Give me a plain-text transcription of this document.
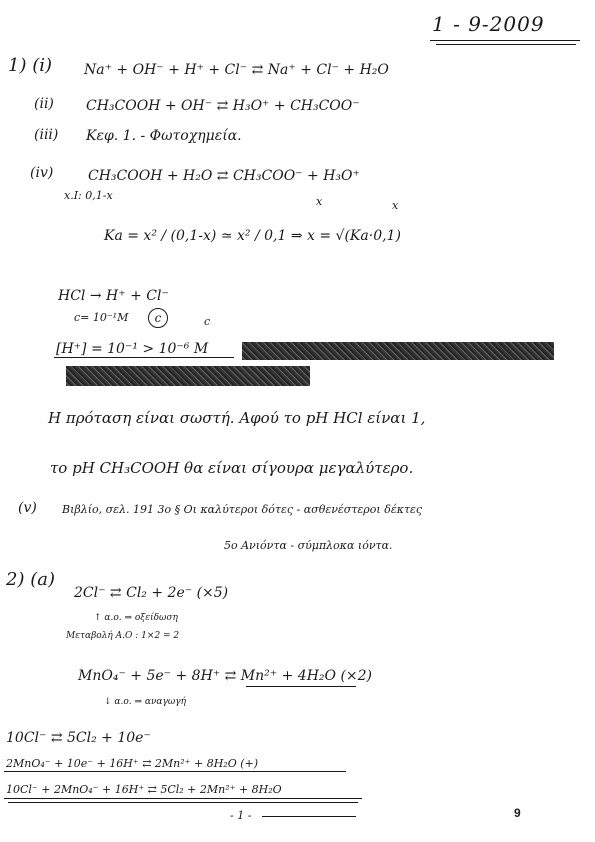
1 - 9-2009
1) (i) Na⁺ + OH⁻ + H⁺ + Cl⁻ ⇄ Na⁺ + Cl⁻ + H₂O
(ii) CH₃COOH + OH⁻ ⇄ H₃O⁺ + CH₃COO⁻
(iii) Κεφ. 1. - Φωτοχημεία.
(iv) CH₃COOH + H₂O ⇄ CH₃COO⁻ + H₃O⁺
x.I: 0,1-x	x	x
Ka = x² / (0,1-x) ≃ x² / 0,1 ⇒ x = √(Ka·0,1)
HCl → H⁺ + Cl⁻
c= 10⁻¹M	c	c
[H⁺] = 10⁻¹ > 10⁻⁶ M
Η πρόταση είναι σωστή. Αφού το pH HCl είναι 1,
το pH CH₃COOH θα είναι σίγουρα μεγαλύτερο.
(v) Βιβλίο, σελ. 191 3ο § Οι καλύτεροι δότες - ασθενέστεροι δέκτες
5ο Ανιόντα - σύμπλοκα ιόντα.
2) (a)
2Cl⁻ ⇄ Cl₂ + 2e⁻ (×5)
↑ α.ο. ⇒ οξείδωση
Μεταβολή Α.Ο : 1×2 = 2
MnO₄⁻ + 5e⁻ + 8H⁺ ⇄ Mn²⁺ + 4H₂O (×2)
↓ α.ο. ⇒ αναγωγή
10Cl⁻ ⇄ 5Cl₂ + 10e⁻
2MnO₄⁻ + 10e⁻ + 16H⁺ ⇄ 2Mn²⁺ + 8H₂O (+)
10Cl⁻ + 2MnO₄⁻ + 16H⁺ ⇄ 5Cl₂ + 2Mn²⁺ + 8H₂O
- 1 -	9
